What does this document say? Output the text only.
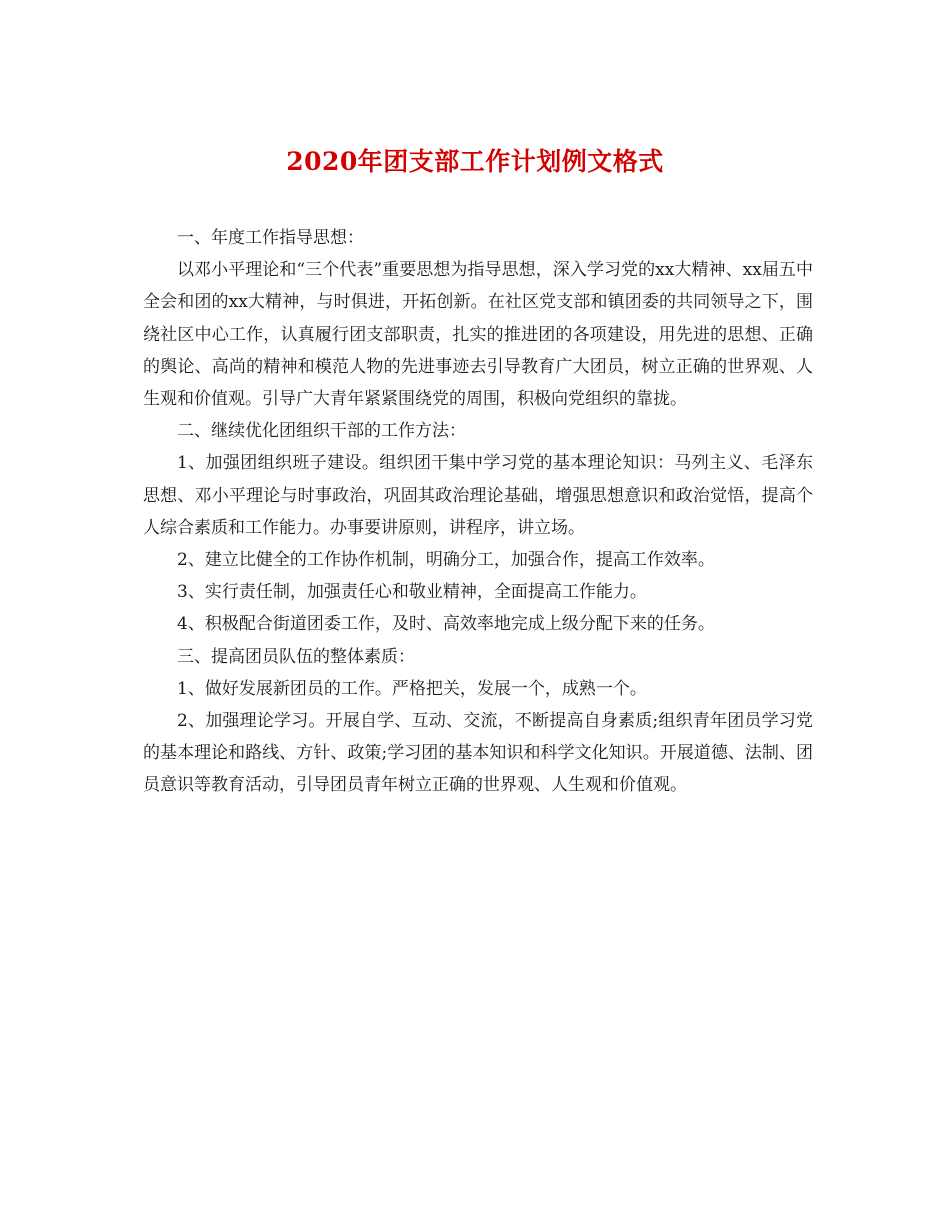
2020年团支部工作计划例文格式

一、年度工作指导思想：

以邓小平理论和“三个代表”重要思想为指导思想，深入学习党的xx大精神、xx届五中全会和团的xx大精神，与时俱进，开拓创新。在社区党支部和镇团委的共同领导之下，围绕社区中心工作，认真履行团支部职责，扎实的推进团的各项建设，用先进的思想、正确的舆论、高尚的精神和模范人物的先进事迹去引导教育广大团员，树立正确的世界观、人生观和价值观。引导广大青年紧紧围绕党的周围，积极向党组织的靠拢。

二、继续优化团组织干部的工作方法：

1、加强团组织班子建设。组织团干集中学习党的基本理论知识：马列主义、毛泽东思想、邓小平理论与时事政治，巩固其政治理论基础，增强思想意识和政治觉悟，提高个人综合素质和工作能力。办事要讲原则，讲程序，讲立场。

2、建立比健全的工作协作机制，明确分工，加强合作，提高工作效率。

3、实行责任制，加强责任心和敬业精神，全面提高工作能力。

4、积极配合街道团委工作，及时、高效率地完成上级分配下来的任务。

三、提高团员队伍的整体素质：

1、做好发展新团员的工作。严格把关，发展一个，成熟一个。

2、加强理论学习。开展自学、互动、交流，不断提高自身素质;组织青年团员学习党的基本理论和路线、方针、政策;学习团的基本知识和科学文化知识。开展道德、法制、团员意识等教育活动，引导团员青年树立正确的世界观、人生观和价值观。
